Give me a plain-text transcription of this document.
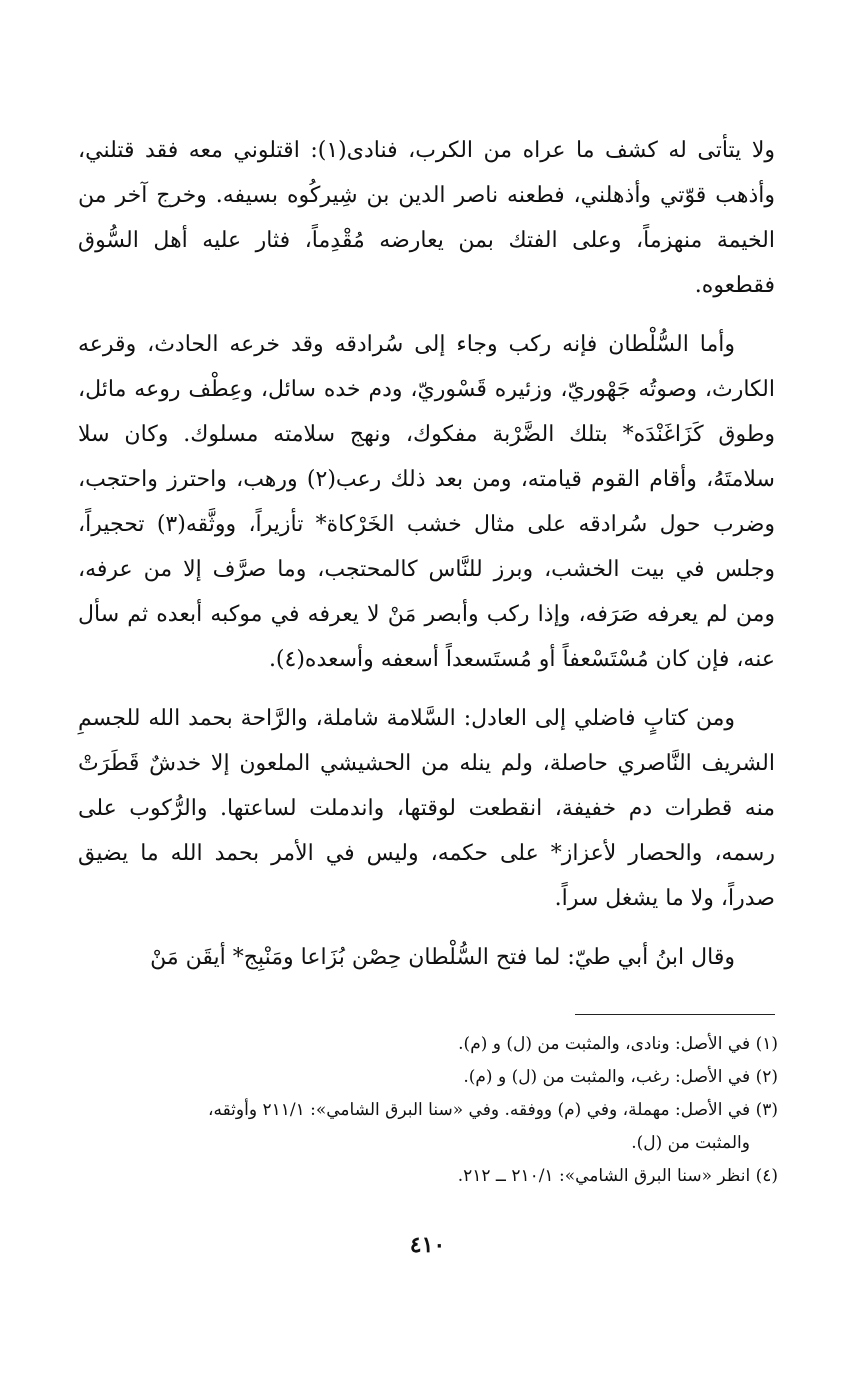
ولا يتأتى له كشف ما عراه من الكرب، فنادى(١): اقتلوني معه فقد قتلني، وأذهب قوّتي وأذهلني، فطعنه ناصر الدين بن شِيركُوه بسيفه. وخرج آخر من الخيمة منهزماً، وعلى الفتك بمن يعارضه مُقْدِماً، فثار عليه أهل السُّوق فقطعوه.

وأما السُّلْطان فإنه ركب وجاء إلى سُرادقه وقد خرعه الحادث، وقرعه الكارث، وصوتُه جَهْوريّ، وزئيره قَسْوريّ، ودم خده سائل، وعِطْف روعه مائل، وطوق كَزَاغَنْدَه* بتلك الضَّرْبة مفكوك، ونهج سلامته مسلوك. وكان سلا سلامتَهُ، وأقام القوم قيامته، ومن بعد ذلك رعب(٢) ورهب، واحترز واحتجب، وضرب حول سُرادقه على مثال خشب الخَرْكاة* تأزيراً، ووثَّقه(٣) تحجيراً، وجلس في بيت الخشب، وبرز للنَّاس كالمحتجب، وما صرَّف إلا من عرفه، ومن لم يعرفه صَرَفه، وإذا ركب وأبصر مَنْ لا يعرفه في موكبه أبعده ثم سأل عنه، فإن كان مُسْتَسْعفاً أو مُستَسعداً أسعفه وأسعده(٤).

ومن كتابٍ فاضلي إلى العادل: السَّلامة شاملة، والرَّاحة بحمد الله للجسمِ الشريف النَّاصري حاصلة، ولم ينله من الحشيشي الملعون إلا خدشٌ قَطَرَتْ منه قطرات دم خفيفة، انقطعت لوقتها، واندملت لساعتها. والرُّكوب على رسمه، والحصار لأعزاز* على حكمه، وليس في الأمر بحمد الله ما يضيق صدراً، ولا ما يشغل سراً.

وقال ابنُ أبي طيّ: لما فتح السُّلْطان حِصْن بُزَاعا ومَنْبِج* أيقَن مَنْ

(١) في الأصل: ونادى، والمثبت من (ل) و (م).

(٢) في الأصل: رغب، والمثبت من (ل) و (م).

(٣) في الأصل: مهملة، وفي (م) ووفقه. وفي «سنا البرق الشامي»: ٢١١/١ وأوثقه،

والمثبت من (ل).

(٤) انظر «سنا البرق الشامي»: ٢١٠/١ ــ ٢١٢.

٤١٠
